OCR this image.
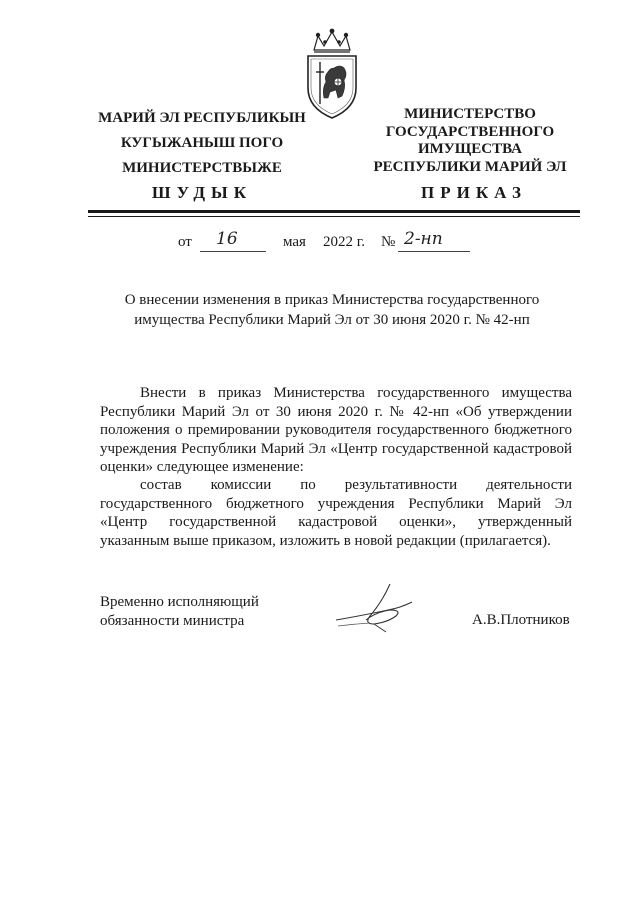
МАРИЙ ЭЛ РЕСПУБЛИКЫН
КУГЫЖАНЫШ ПОГО
МИНИСТЕРСТВЫЖЕ
МИНИСТЕРСТВО
ГОСУДАРСТВЕННОГО
ИМУЩЕСТВА
РЕСПУБЛИКИ МАРИЙ ЭЛ
ШУДЫК	ПРИКАЗ
от 16	мая 2022 г. № 2-нп
О внесении изменения в приказ Министерства государственного
имущества Республики Марий Эл от 30 июня 2020 г. № 42-нп

Внести в приказ Министерства государственного имущества Республики Марий Эл от 30 июня 2020 г. № 42-нп «Об утверждении положения о премировании руководителя государственного бюджетного учреждения Республики Марий Эл «Центр государственной кадастровой оценки» следующее изменение:

состав комиссии по результативности деятельности государственного бюджетного учреждения Республики Марий Эл «Центр государственной кадастровой оценки», утвержденный указанным выше приказом, изложить в новой редакции (прилагается).

Временно исполняющий
обязанности министра	А.В.Плотников
